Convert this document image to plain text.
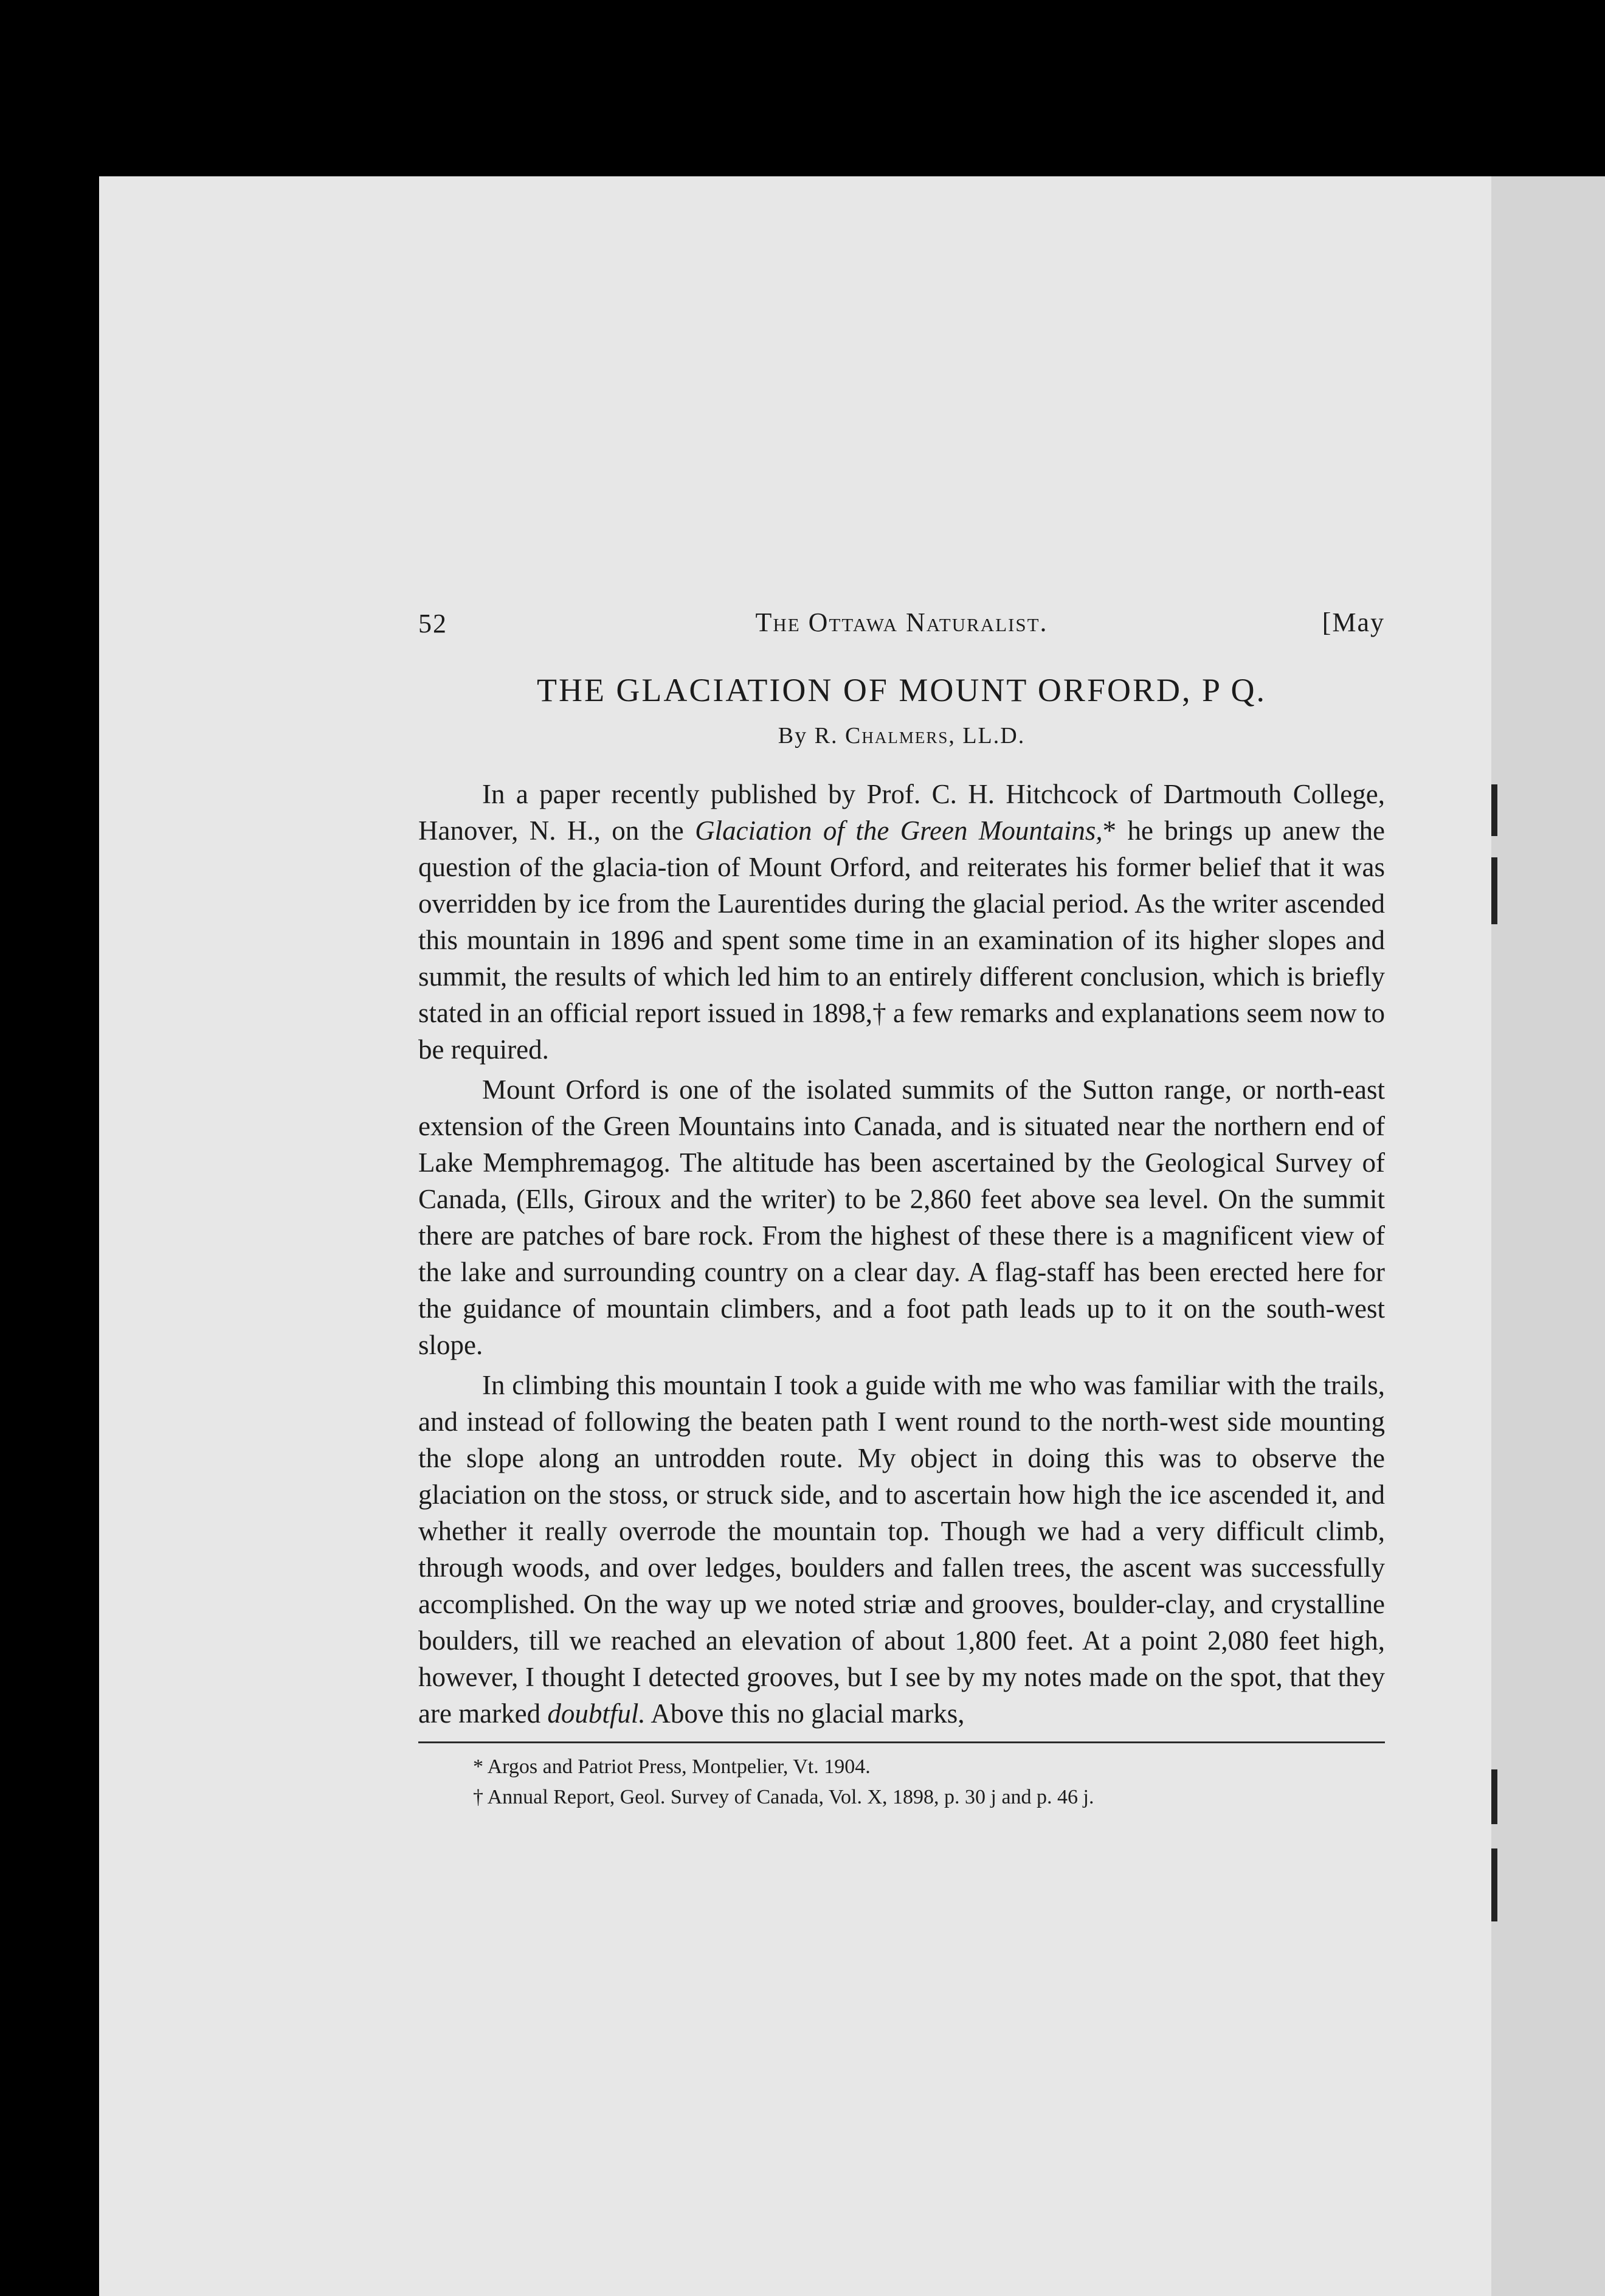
52	The Ottawa Naturalist.	[May
THE GLACIATION OF MOUNT ORFORD, P Q.
By R. Chalmers, LL.D.

In a paper recently published by Prof. C. H. Hitchcock of Dartmouth College, Hanover, N. H., on the Glaciation of the Green Mountains,* he brings up anew the question of the glacia-tion of Mount Orford, and reiterates his former belief that it was overridden by ice from the Laurentides during the glacial period. As the writer ascended this mountain in 1896 and spent some time in an examination of its higher slopes and summit, the results of which led him to an entirely different conclusion, which is briefly stated in an official report issued in 1898,† a few remarks and explanations seem now to be required.

Mount Orford is one of the isolated summits of the Sutton range, or north-east extension of the Green Mountains into Canada, and is situated near the northern end of Lake Memphremagog. The altitude has been ascertained by the Geological Survey of Canada, (Ells, Giroux and the writer) to be 2,860 feet above sea level. On the summit there are patches of bare rock. From the highest of these there is a magnificent view of the lake and surrounding country on a clear day. A flag-staff has been erected here for the guidance of mountain climbers, and a foot path leads up to it on the south-west slope.

In climbing this mountain I took a guide with me who was familiar with the trails, and instead of following the beaten path I went round to the north-west side mounting the slope along an untrodden route. My object in doing this was to observe the glaciation on the stoss, or struck side, and to ascertain how high the ice ascended it, and whether it really overrode the mountain top. Though we had a very difficult climb, through woods, and over ledges, boulders and fallen trees, the ascent was successfully accomplished. On the way up we noted striæ and grooves, boulder-clay, and crystalline boulders, till we reached an elevation of about 1,800 feet. At a point 2,080 feet high, however, I thought I detected grooves, but I see by my notes made on the spot, that they are marked doubtful. Above this no glacial marks,

* Argos and Patriot Press, Montpelier, Vt. 1904.
† Annual Report, Geol. Survey of Canada, Vol. X, 1898, p. 30 j and p. 46 j.
